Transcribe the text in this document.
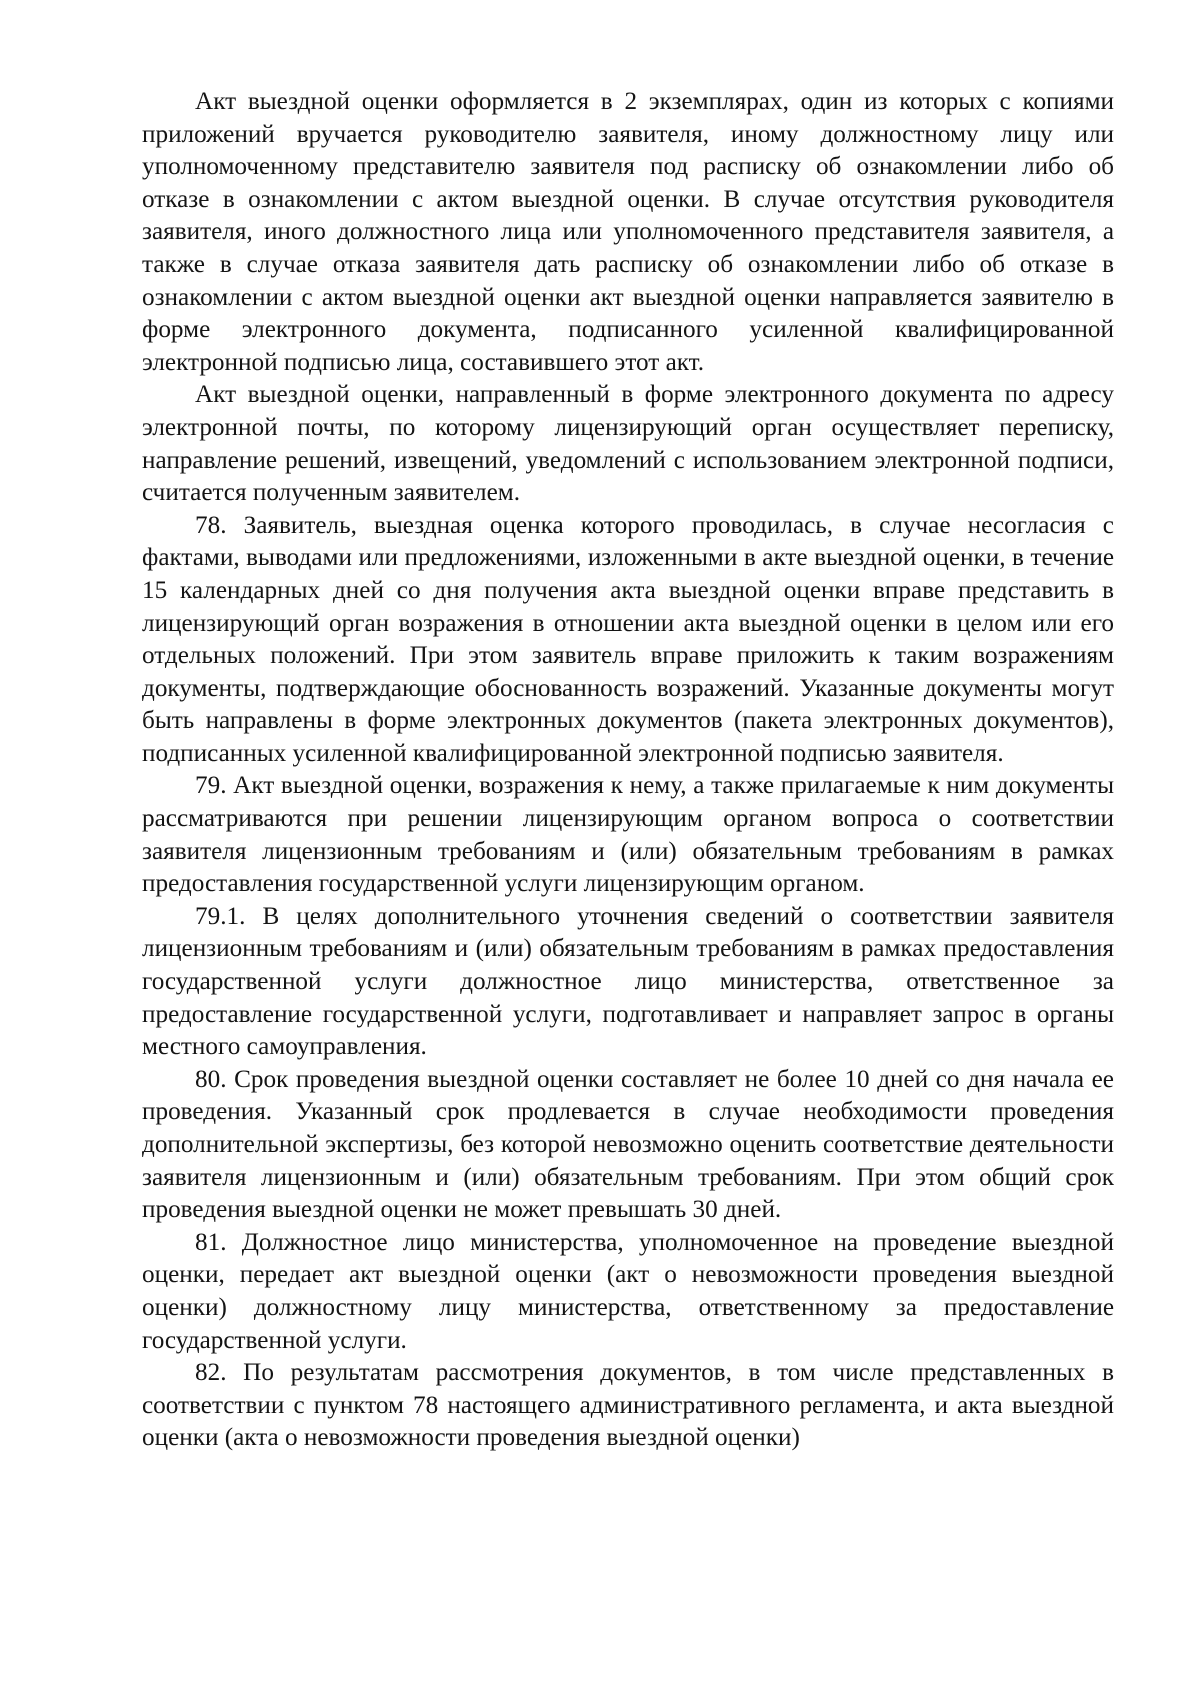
Акт выездной оценки оформляется в 2 экземплярах, один из которых с копиями приложений вручается руководителю заявителя, иному должностному лицу или уполномоченному представителю заявителя под расписку об ознакомлении либо об отказе в ознакомлении с актом выездной оценки. В случае отсутствия руководителя заявителя, иного должностного лица или уполномоченного представителя заявителя, а также в случае отказа заявителя дать расписку об ознакомлении либо об отказе в ознакомлении с актом выездной оценки акт выездной оценки направляется заявителю в форме электронного документа, подписанного усиленной квалифицированной электронной подписью лица, составившего этот акт.

Акт выездной оценки, направленный в форме электронного документа по адресу электронной почты, по которому лицензирующий орган осуществляет переписку, направление решений, извещений, уведомлений с использованием электронной подписи, считается полученным заявителем.

78. Заявитель, выездная оценка которого проводилась, в случае несогласия с фактами, выводами или предложениями, изложенными в акте выездной оценки, в течение 15 календарных дней со дня получения акта выездной оценки вправе представить в лицензирующий орган возражения в отношении акта выездной оценки в целом или его отдельных положений. При этом заявитель вправе приложить к таким возражениям документы, подтверждающие обоснованность возражений. Указанные документы могут быть направлены в форме электронных документов (пакета электронных документов), подписанных усиленной квалифицированной электронной подписью заявителя.

79. Акт выездной оценки, возражения к нему, а также прилагаемые к ним документы рассматриваются при решении лицензирующим органом вопроса о соответствии заявителя лицензионным требованиям и (или) обязательным требованиям в рамках предоставления государственной услуги лицензирующим органом.

79.1. В целях дополнительного уточнения сведений о соответствии заявителя лицензионным требованиям и (или) обязательным требованиям в рамках предоставления государственной услуги должностное лицо министерства, ответственное за предоставление государственной услуги, подготавливает и направляет запрос в органы местного самоуправления.

80. Срок проведения выездной оценки составляет не более 10 дней со дня начала ее проведения. Указанный срок продлевается в случае необходимости проведения дополнительной экспертизы, без которой невозможно оценить соответствие деятельности заявителя лицензионным и (или) обязательным требованиям. При этом общий срок проведения выездной оценки не может превышать 30 дней.

81. Должностное лицо министерства, уполномоченное на проведение выездной оценки, передает акт выездной оценки (акт о невозможности проведения выездной оценки) должностному лицу министерства, ответственному за предоставление государственной услуги.

82. По результатам рассмотрения документов, в том числе представленных в соответствии с пунктом 78 настоящего административного регламента, и акта выездной оценки (акта о невозможности проведения выездной оценки)
